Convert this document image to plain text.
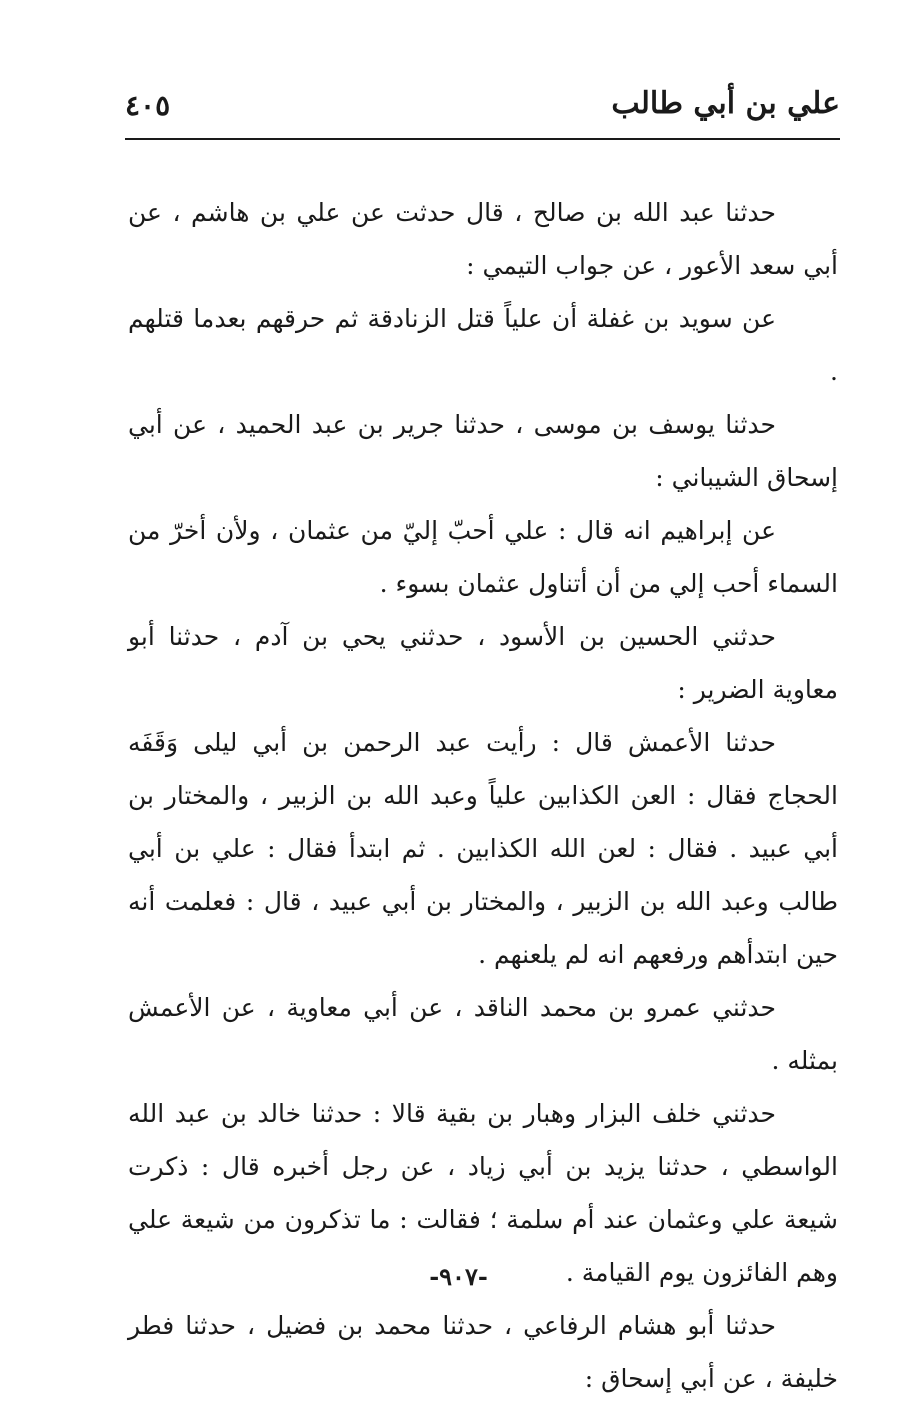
علي بن أبي طالب
٤٠٥

حدثنا عبد الله بن صالح ، قال حدثت عن علي بن هاشم ، عن أبي سعد الأعور ، عن جواب التيمي :

عن سويد بن غفلة أن علياً قتل الزنادقة ثم حرقهم بعدما قتلهم .

حدثنا يوسف بن موسى ، حدثنا جرير بن عبد الحميد ، عن أبي إسحاق الشيباني :

عن إبراهيم انه قال : علي أحبّ إليّ من عثمان ، ولأن أخرّ من السماء أحب إلي من أن أتناول عثمان بسوء .

حدثني الحسين بن الأسود ، حدثني يحي بن آدم ، حدثنا أبو معاوية الضرير :

حدثنا الأعمش قال : رأيت عبد الرحمن بن أبي ليلى وَقَفَه الحجاج فقال : العن الكذابين علياً وعبد الله بن الزبير ، والمختار بن أبي عبيد . فقال : لعن الله الكذابين . ثم ابتدأ فقال : علي بن أبي طالب وعبد الله بن الزبير ، والمختار بن أبي عبيد ، قال : فعلمت أنه حين ابتدأهم ورفعهم انه لم يلعنهم .

حدثني عمرو بن محمد الناقد ، عن أبي معاوية ، عن الأعمش بمثله .

حدثني خلف البزار وهبار بن بقية قالا : حدثنا خالد بن عبد الله الواسطي ، حدثنا يزيد بن أبي زياد ، عن رجل أخبره قال : ذكرت شيعة علي وعثمان عند أم سلمة ؛ فقالت : ما تذكرون من شيعة علي وهم الفائزون يوم القيامة .

حدثنا أبو هشام الرفاعي ، حدثنا محمد بن فضيل ، حدثنا فطر خليفة ، عن أبي إسحاق :

-٩٠٧-
